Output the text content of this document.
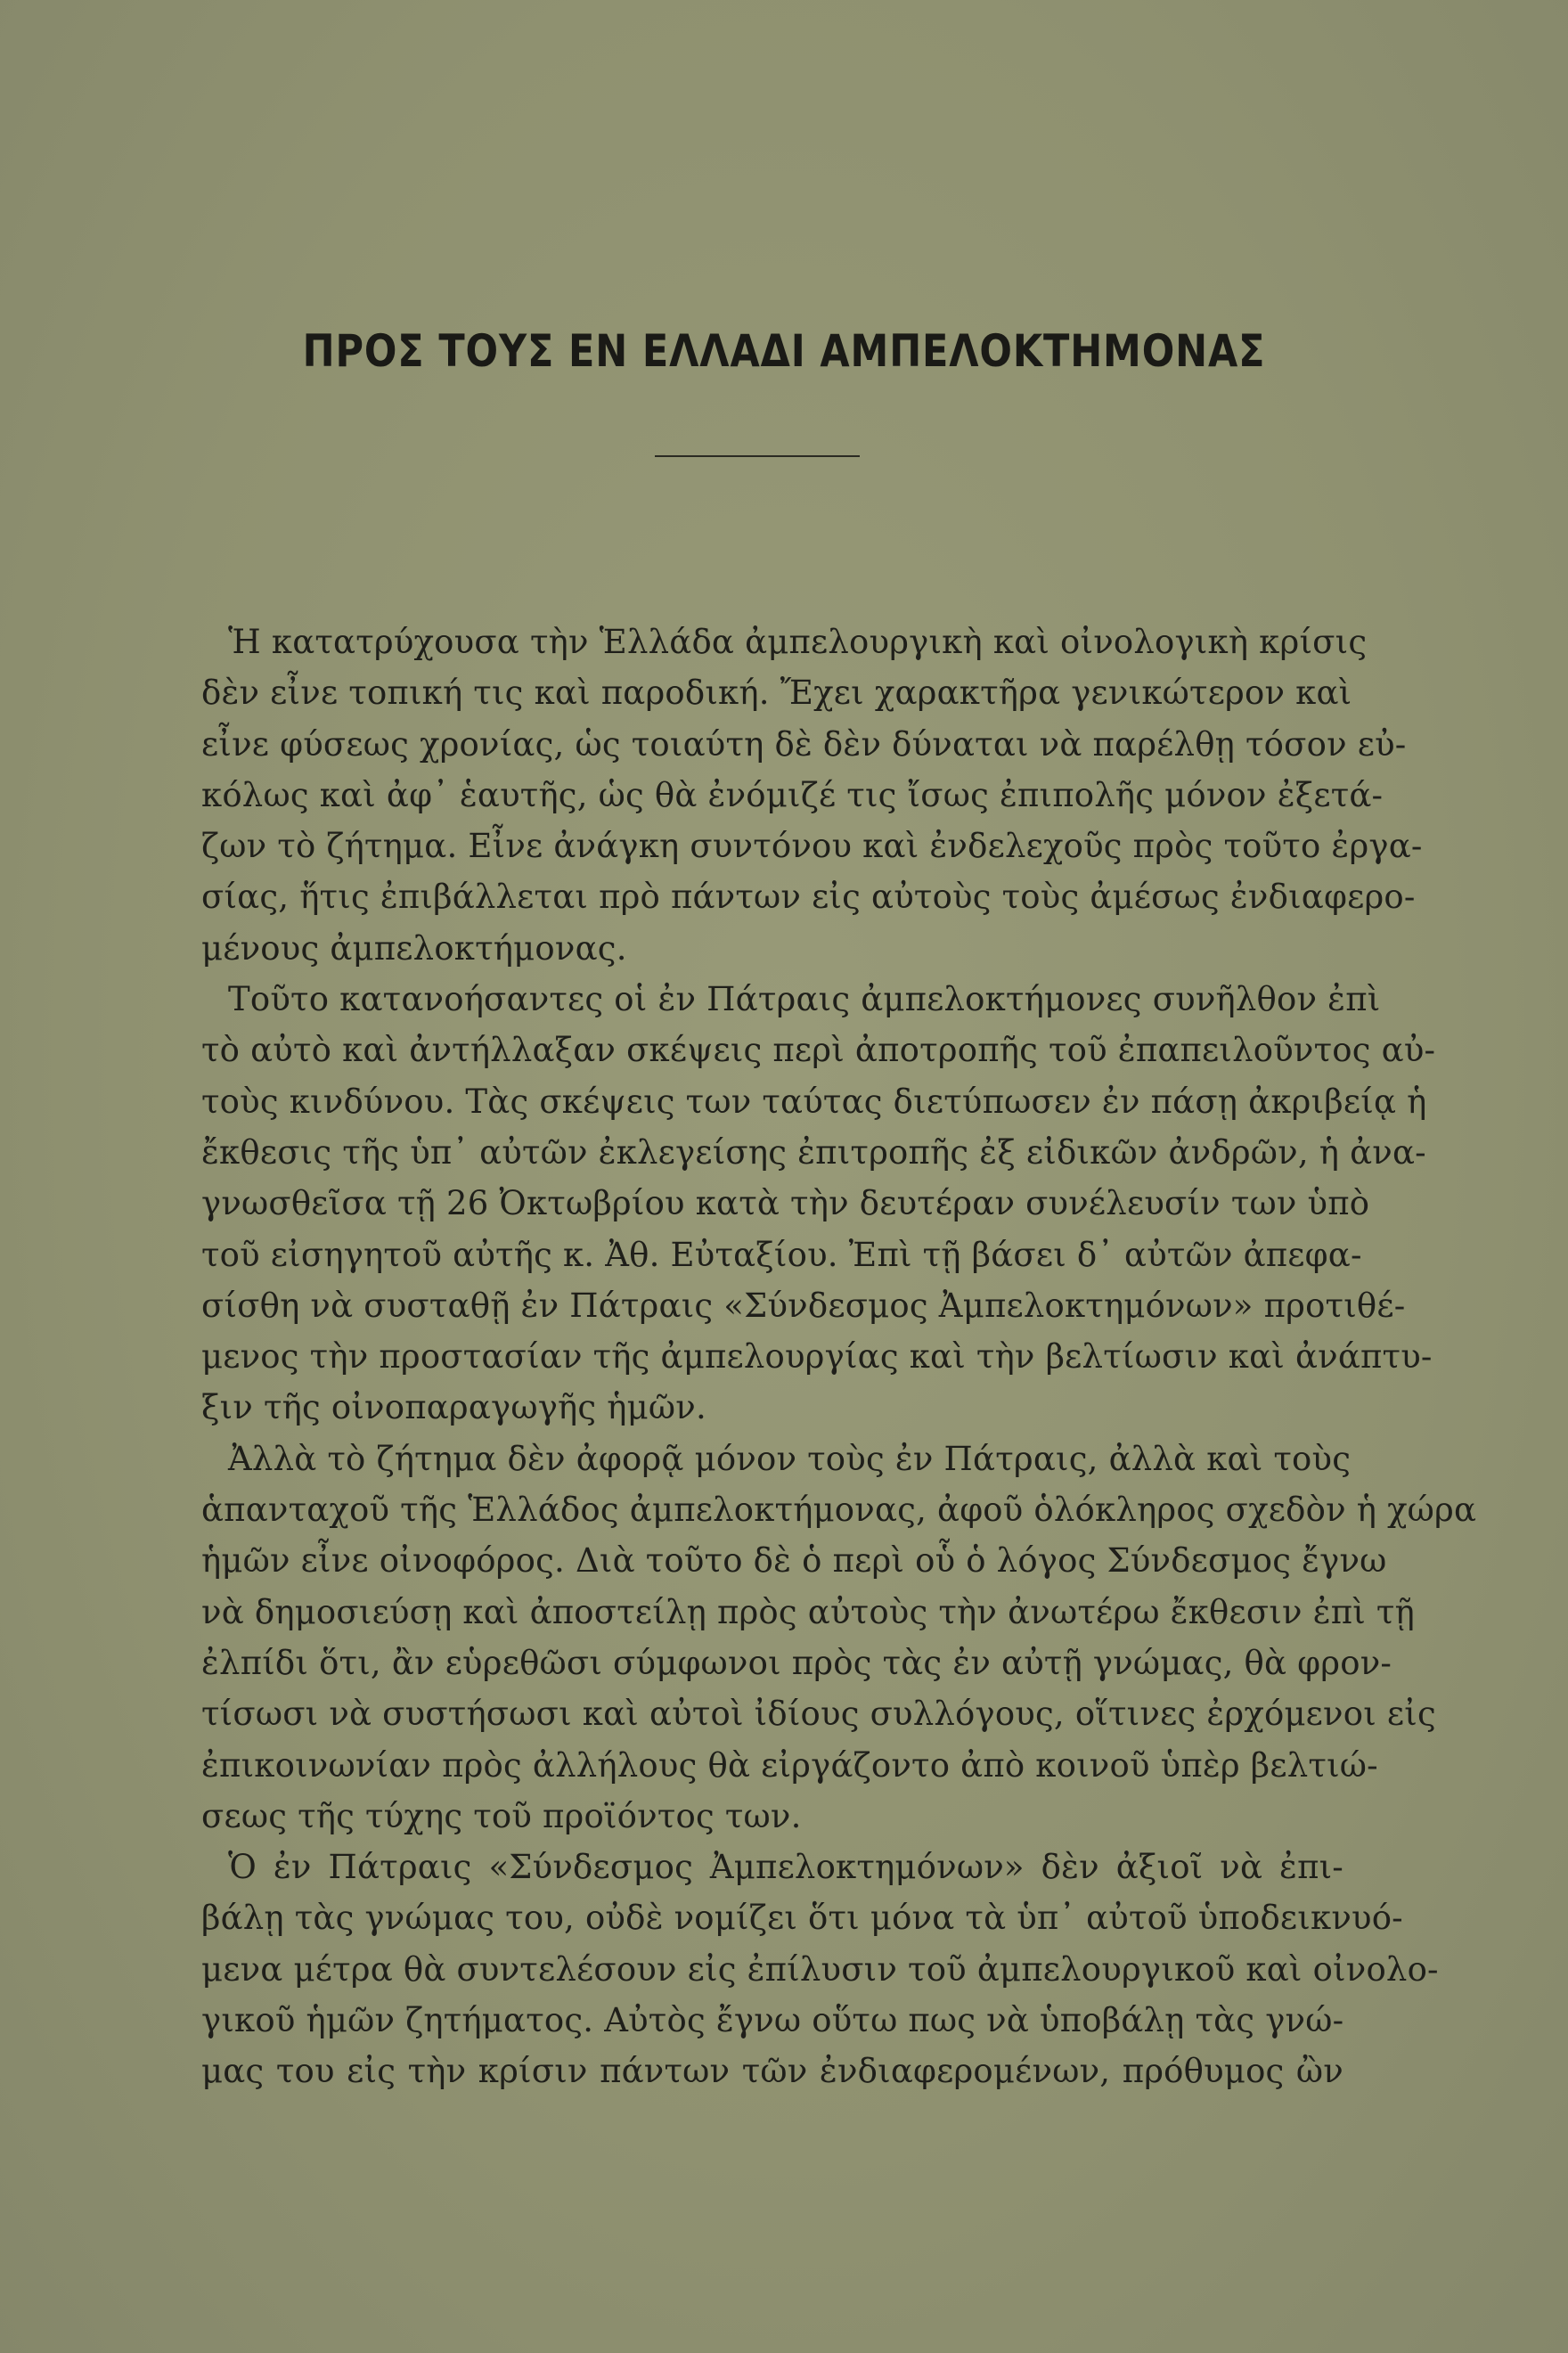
ΠΡΟΣ ΤΟΥΣ ΕΝ ΕΛΛΑΔΙ ΑΜΠΕΛΟΚΤΗΜΟΝΑΣ
Ἡ κατατρύχουσα τὴν Ἑλλάδα ἀμπελουργικὴ καὶ οἰνολογικὴ κρίσις
δὲν εἶνε τοπική τις καὶ παροδική. Ἔχει χαρακτῆρα γενικώτερον καὶ
εἶνε φύσεως χρονίας, ὡς τοιαύτη δὲ δὲν δύναται νὰ παρέλθῃ τόσον εὐ-
κόλως καὶ ἀφ᾽ ἑαυτῆς, ὡς θὰ ἐνόμιζέ τις ἴσως ἐπιπολῆς μόνον ἐξετά-
ζων τὸ ζήτημα. Εἶνε ἀνάγκη συντόνου καὶ ἐνδελεχοῦς πρὸς τοῦτο ἐργα-
σίας, ἥτις ἐπιβάλλεται πρὸ πάντων εἰς αὐτοὺς τοὺς ἀμέσως ἐνδιαφερο-
μένους ἀμπελοκτήμονας.
Τοῦτο κατανοήσαντες οἱ ἐν Πάτραις ἀμπελοκτήμονες συνῆλθον ἐπὶ
τὸ αὐτὸ καὶ ἀντήλλαξαν σκέψεις περὶ ἀποτροπῆς τοῦ ἐπαπειλοῦντος αὐ-
τοὺς κινδύνου. Τὰς σκέψεις των ταύτας διετύπωσεν ἐν πάσῃ ἀκριβείᾳ ἡ
ἔκθεσις τῆς ὑπ᾽ αὐτῶν ἐκλεγείσης ἐπιτροπῆς ἐξ εἰδικῶν ἀνδρῶν, ἡ ἀνα-
γνωσθεῖσα τῇ 26 Ὀκτωβρίου κατὰ τὴν δευτέραν συνέλευσίν των ὑπὸ
τοῦ εἰσηγητοῦ αὐτῆς κ. Ἀθ. Εὐταξίου. Ἐπὶ τῇ βάσει δ᾽ αὐτῶν ἀπεφα-
σίσθη νὰ συσταθῇ ἐν Πάτραις «Σύνδεσμος Ἀμπελοκτημόνων» προτιθέ-
μενος τὴν προστασίαν τῆς ἀμπελουργίας καὶ τὴν βελτίωσιν καὶ ἀνάπτυ-
ξιν τῆς οἰνοπαραγωγῆς ἡμῶν.
Ἀλλὰ τὸ ζήτημα δὲν ἀφορᾷ μόνον τοὺς ἐν Πάτραις, ἀλλὰ καὶ τοὺς
ἁπανταχοῦ τῆς Ἑλλάδος ἀμπελοκτήμονας, ἀφοῦ ὁλόκληρος σχεδὸν ἡ χώρα
ἡμῶν εἶνε οἰνοφόρος. Διὰ τοῦτο δὲ ὁ περὶ οὗ ὁ λόγος Σύνδεσμος ἔγνω
νὰ δημοσιεύσῃ καὶ ἀποστείλῃ πρὸς αὐτοὺς τὴν ἀνωτέρω ἔκθεσιν ἐπὶ τῇ
ἐλπίδι ὅτι, ἂν εὑρεθῶσι σύμφωνοι πρὸς τὰς ἐν αὐτῇ γνώμας, θὰ φρον-
τίσωσι νὰ συστήσωσι καὶ αὐτοὶ ἰδίους συλλόγους, οἵτινες ἐρχόμενοι εἰς
ἐπικοινωνίαν πρὸς ἀλλήλους θὰ εἰργάζοντο ἀπὸ κοινοῦ ὑπὲρ βελτιώ-
σεως τῆς τύχης τοῦ προϊόντος των.
Ὁ ἐν Πάτραις «Σύνδεσμος Ἀμπελοκτημόνων» δὲν ἀξιοῖ νὰ ἐπι-
βάλῃ τὰς γνώμας του, οὐδὲ νομίζει ὅτι μόνα τὰ ὑπ᾽ αὐτοῦ ὑποδεικνυό-
μενα μέτρα θὰ συντελέσουν εἰς ἐπίλυσιν τοῦ ἀμπελουργικοῦ καὶ οἰνολο-
γικοῦ ἡμῶν ζητήματος. Αὐτὸς ἔγνω οὕτω πως νὰ ὑποβάλῃ τὰς γνώ-
μας του εἰς τὴν κρίσιν πάντων τῶν ἐνδιαφερομένων, πρόθυμος ὢν
